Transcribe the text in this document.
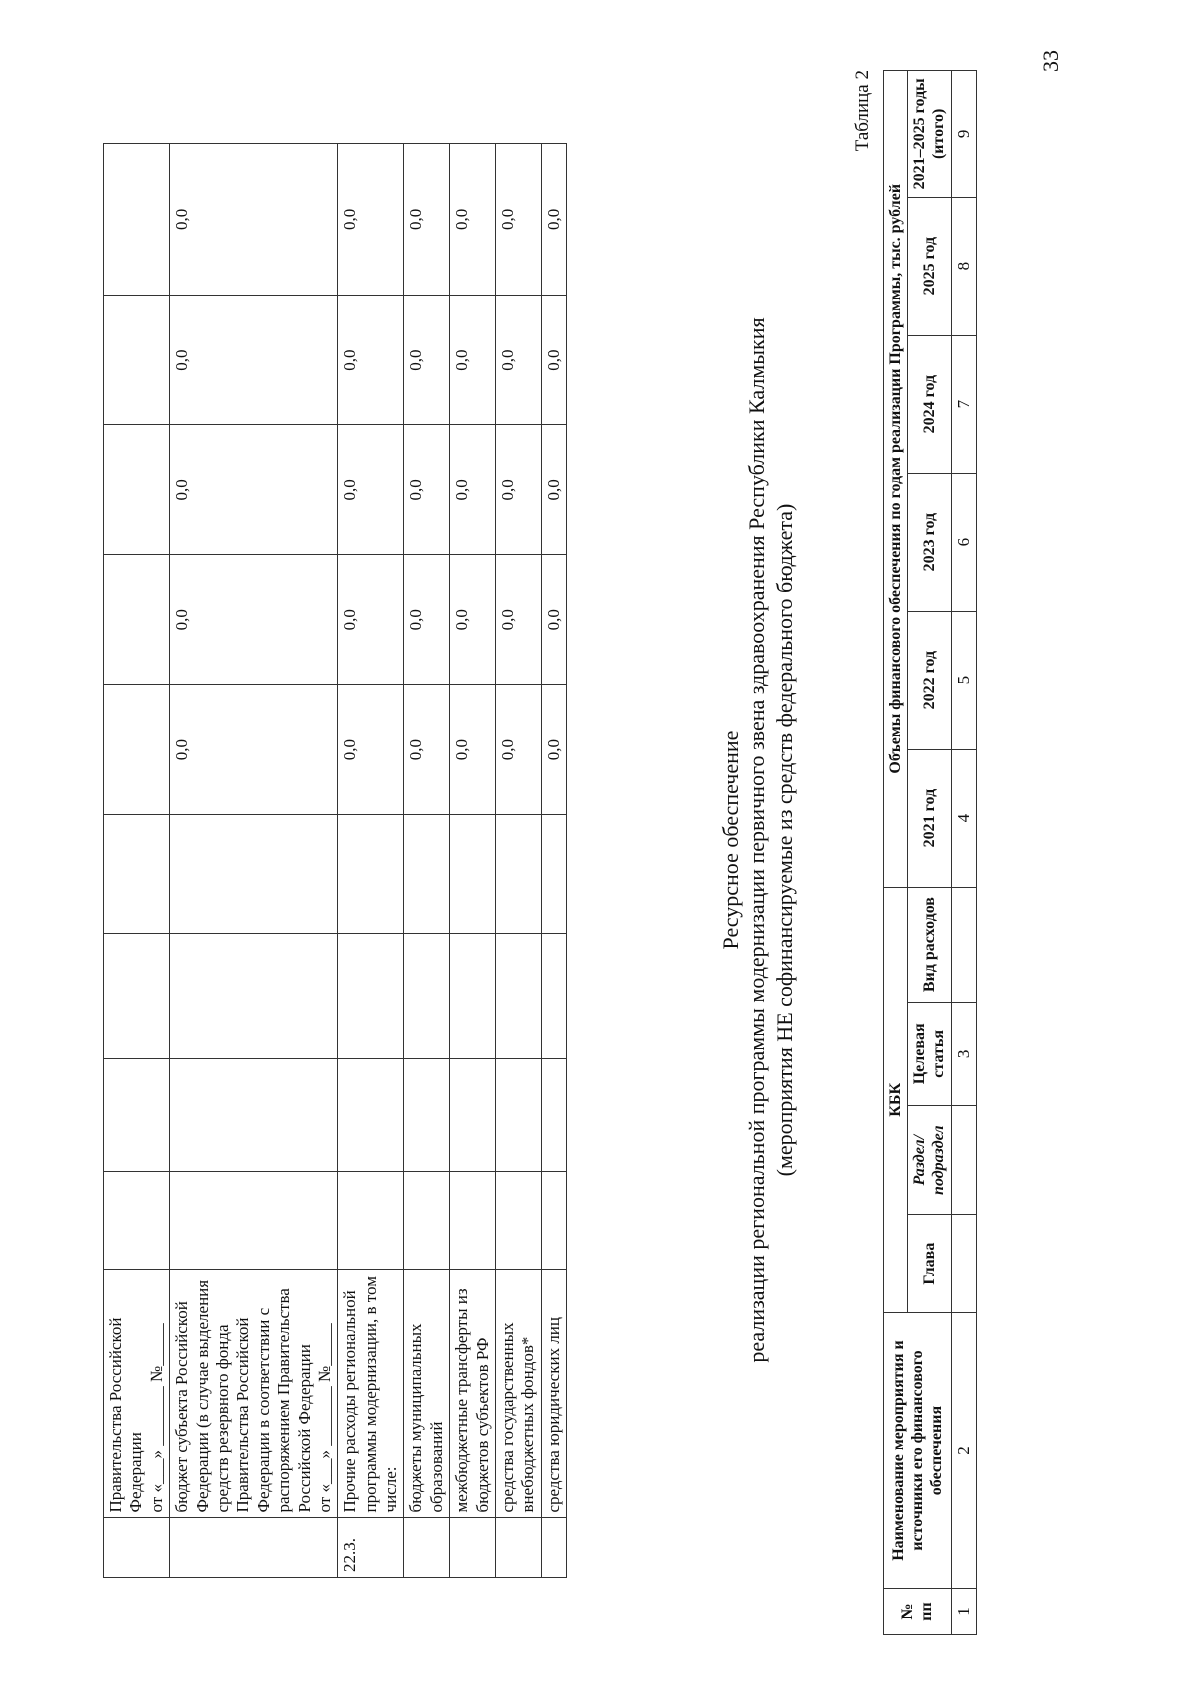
	Правительства Российской Федерации
от «___» _______ №_____									
	бюджет субъекта Российской Федерации (в случае выделения средств резервного фонда Правительства Российской Федерации в соответствии с распоряжением Правительства Российской Федерации
от «___» _______ №_____					0,0	0,0	0,0	0,0	0,0
22.3.	Прочие расходы региональной программы модернизации, в том числе:					0,0	0,0	0,0	0,0	0,0
	бюджеты муниципальных образований					0,0	0,0	0,0	0,0	0,0
	межбюджетные трансферты из бюджетов субъектов РФ					0,0	0,0	0,0	0,0	0,0
	средства государственных внебюджетных фондов*					0,0	0,0	0,0	0,0	0,0
	средства юридических лиц					0,0	0,0	0,0	0,0	0,0
Ресурсное обеспечение реализации региональной программы модернизации первичного звена здравоохранения Республики Калмыкия (мероприятия НЕ софинансируемые из средств федерального бюджета)
Таблица 2
№ пп	Наименование мероприятия и источники его финансового обеспечения	КБК				Объемы финансового обеспечения по годам реализации Программы, тыс. рублей					
		Глава	Раздел/ подраздел	Целевая статья	Вид расходов	2021 год	2022 год	2023 год	2024 год	2025 год	2021–2025 годы (итого)
1	2			3		4	5	6	7	8	9
33
